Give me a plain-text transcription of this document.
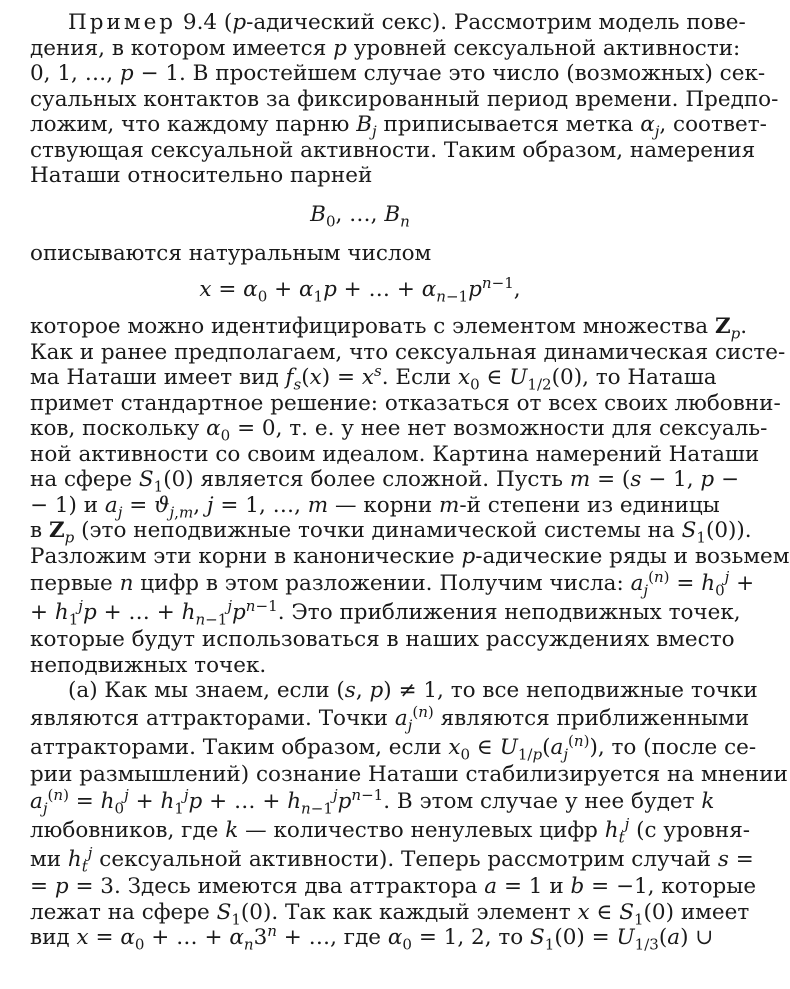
Пример 9.4 (p-адический секс). Рассмотрим модель пове-
дения, в котором имеется p уровней сексуальной активности:
0, 1, …, p − 1. В простейшем случае это число (возможных) сек-
суальных контактов за фиксированный период времени. Предпо-
ложим, что каждому парню $B_j$ приписывается метка $\alpha_j$, соответ-
ствующая сексуальной активности. Таким образом, намерения
Наташи относительно парней
$B_0$, …, $B_n$
описываются натуральным числом
$x = \alpha_0 + \alpha_1p$ + … + $\alpha_{n-1}p^{n-1}$,
которое можно идентифицировать с элементом множества $Z_p$.
Как и ранее предполагаем, что сексуальная динамическая систе-
ма Наташи имеет вид $f_s(x) = x^s$. Если $x_0$ ∈ $U_{1/2}(0)$, то Наташа
примет стандартное решение: отказаться от всех своих любовни-
ков, поскольку $\alpha_0 = 0$, т. е. у нее нет возможности для сексуаль-
ной активности со своим идеалом. Картина намерений Наташи
на сфере $S_1(0)$ является более сложной. Пусть m = (s − 1, p −
− 1) и $a_j = ϑ_{j,m}$, j = 1, …, m — корни m-й степени из единицы
в $Z_p$ (это неподвижные точки динамической системы на $S_1(0)$).
Разложим эти корни в канонические p-адические ряды и возьмем
первые n цифр в этом разложении. Получим числа: $a_j^{(n)} = h_0^j$ +
+ $h_1^jp$ + … + $h_{n-1}^jp^{n-1}$. Это приближения неподвижных точек,
которые будут использоваться в наших рассуждениях вместо
неподвижных точек.
(a) Как мы знаем, если (s, p) ≠ 1, то все неподвижные точки
являются аттракторами. Точки $a_j^{(n)}$ являются приближенными
аттракторами. Таким образом, если $x_0$ ∈ $U_{1/p}(a_j^{(n)})$, то (после се-
рии размышлений) сознание Наташи стабилизируется на мнении
$a_j^{(n)} = h_0^j + h_1^jp$ + … + $h_{n-1}^jp^{n-1}$. В этом случае у нее будет k
любовников, где k — количество ненулевых цифр $h_t^j$ (с уровня-
ми $h_t^j$ сексуальной активности). Теперь рассмотрим случай s =
= p = 3. Здесь имеются два аттрактора a = 1 и b = −1, которые
лежат на сфере $S_1(0)$. Так как каждый элемент x ∈ $S_1(0)$ имеет
вид $x = \alpha_0$ + … + $\alpha_n3^n$ + …, где $\alpha_0 = 1$, 2, то $S_1(0) = U_{1/3}(a)$ ∪
